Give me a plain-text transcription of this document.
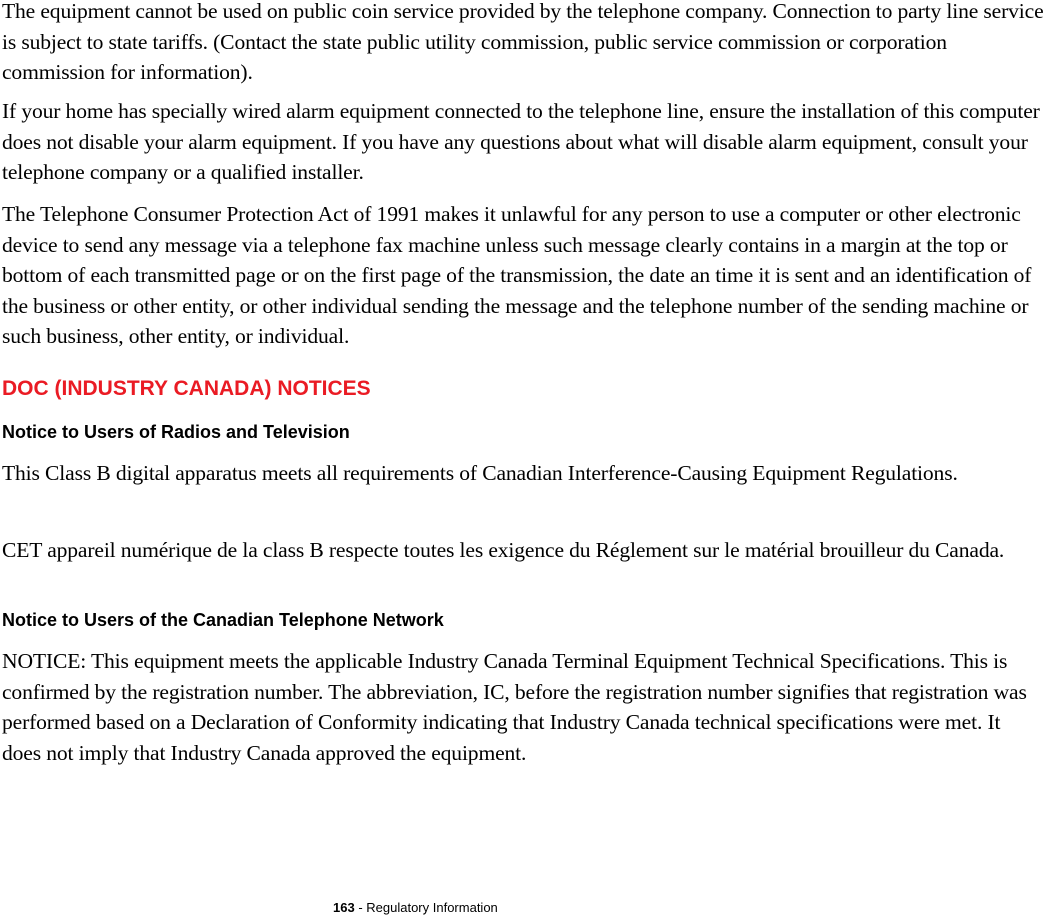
The equipment cannot be used on public coin service provided by the telephone company. Connection to party line service is subject to state tariffs. (Contact the state public utility commission, public service commission or corporation commission for information).

If your home has specially wired alarm equipment connected to the telephone line, ensure the installation of this computer does not disable your alarm equipment. If you have any questions about what will disable alarm equipment, consult your telephone company or a qualified installer.

The Telephone Consumer Protection Act of 1991 makes it unlawful for any person to use a computer or other electronic device to send any message via a telephone fax machine unless such message clearly contains in a margin at the top or bottom of each transmitted page or on the first page of the transmission, the date an time it is sent and an identification of the business or other entity, or other individual sending the message and the telephone number of the sending machine or such business, other entity, or individual.

DOC (INDUSTRY CANADA) NOTICES
Notice to Users of Radios and Television

This Class B digital apparatus meets all requirements of Canadian Interference-Causing Equipment Regulations.

CET appareil numérique de la class B respecte toutes les exigence du Réglement sur le matérial brouilleur du Canada.

Notice to Users of the Canadian Telephone Network

NOTICE: This equipment meets the applicable Industry Canada Terminal Equipment Technical Specifications. This is confirmed by the registration number. The abbreviation, IC, before the registration number signifies that registration was performed based on a Declaration of Conformity indicating that Industry Canada technical specifications were met. It does not imply that Industry Canada approved the equipment.

163 - Regulatory Information
